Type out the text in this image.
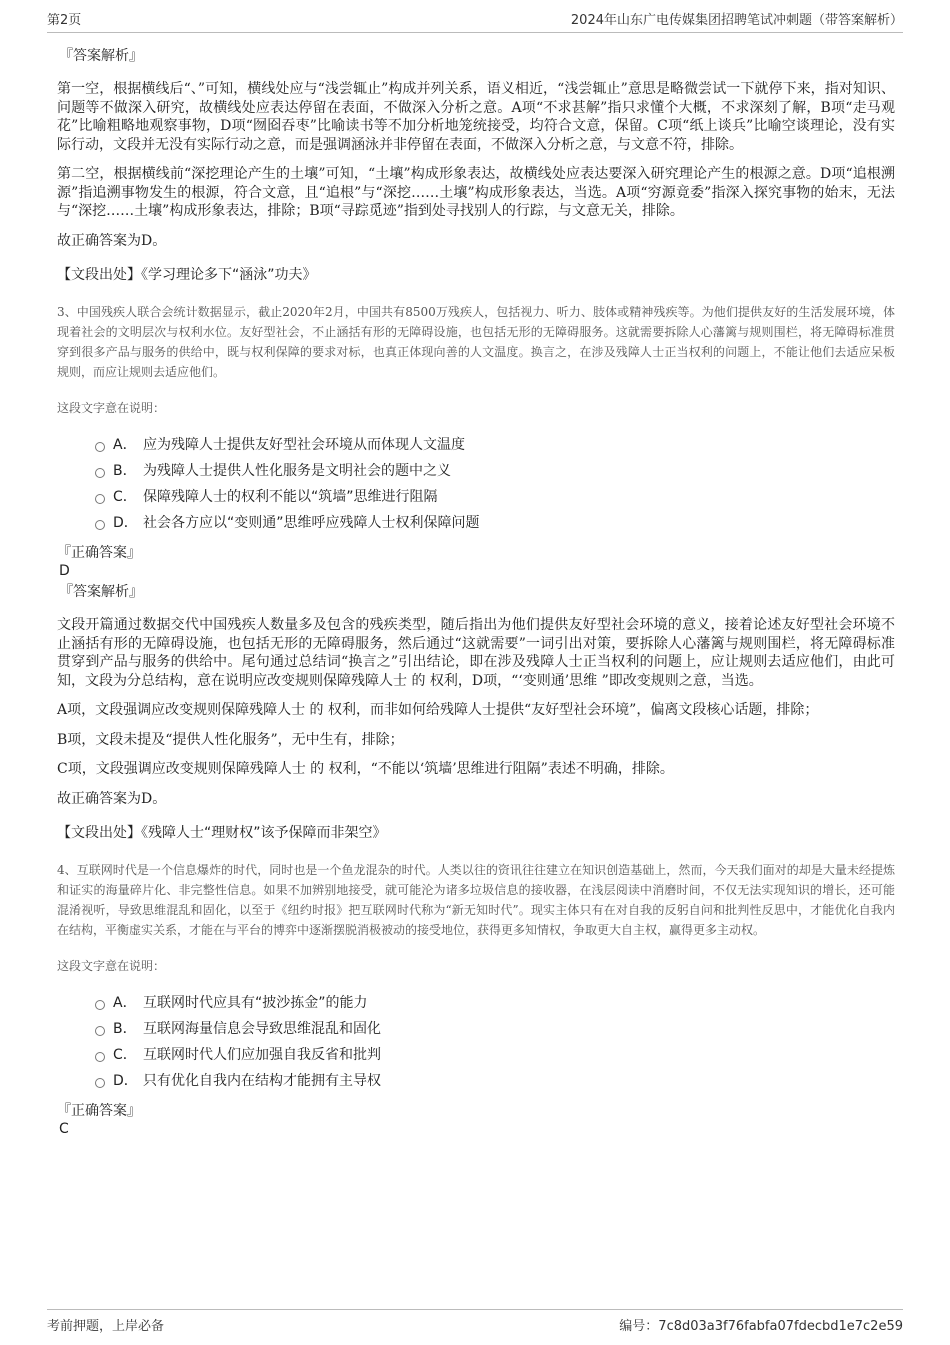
第2页	2024年山东广电传媒集团招聘笔试冲刺题（带答案解析）
『答案解析』

第一空，根据横线后“、”可知，横线处应与“浅尝辄止”构成并列关系，语义相近，“浅尝辄止”意思是略微尝试一下就停下来，指对知识、问题等不做深入研究，故横线处应表达停留在表面，不做深入分析之意。A项“不求甚解”指只求懂个大概，不求深刻了解，B项“走马观花”比喻粗略地观察事物，D项“囫囵吞枣”比喻读书等不加分析地笼统接受，均符合文意，保留。C项“纸上谈兵”比喻空谈理论，没有实际行动，文段并无没有实际行动之意，而是强调涵泳并非停留在表面，不做深入分析之意，与文意不符，排除。

第二空，根据横线前“深挖理论产生的土壤”可知，“土壤”构成形象表达，故横线处应表达要深入研究理论产生的根源之意。D项“追根溯源”指追溯事物发生的根源，符合文意，且“追根”与“深挖……土壤”构成形象表达，当选。A项“穷源竟委”指深入探究事物的始末，无法与“深挖……土壤”构成形象表达，排除；B项“寻踪觅迹”指到处寻找别人的行踪，与文意无关，排除。

故正确答案为D。

【文段出处】《学习理论多下“涵泳”功夫》
3、中国残疾人联合会统计数据显示，截止2020年2月，中国共有8500万残疾人，包括视力、听力、肢体或精神残疾等。为他们提供友好的生活发展环境，体现着社会的文明层次与权利水位。友好型社会，不止涵括有形的无障碍设施，也包括无形的无障碍服务。这就需要拆除人心藩篱与规则围栏，将无障碍标准贯穿到很多产品与服务的供给中，既与权利保障的要求对标，也真正体现向善的人文温度。换言之，在涉及残障人士正当权利的问题上，不能让他们去适应呆板规则，而应让规则去适应他们。
这段文字意在说明：
A． 应为残障人士提供友好型社会环境从而体现人文温度
B． 为残障人士提供人性化服务是文明社会的题中之义
C． 保障残障人士的权利不能以“筑墙”思维进行阻隔
D． 社会各方应以“变则通”思维呼应残障人士权利保障问题
『正确答案』
D
『答案解析』

文段开篇通过数据交代中国残疾人数量多及包含的残疾类型，随后指出为他们提供友好型社会环境的意义，接着论述友好型社会环境不止涵括有形的无障碍设施，也包括无形的无障碍服务，然后通过“这就需要”一词引出对策，要拆除人心藩篱与规则围栏，将无障碍标准贯穿到产品与服务的供给中。尾句通过总结词“换言之”引出结论，即在涉及残障人士正当权利的问题上，应让规则去适应他们，由此可知，文段为分总结构，意在说明应改变规则保障残障人士 的 权利，D项，“‘变则通’思维 ”即改变规则之意，当选。

A项，文段强调应改变规则保障残障人士 的 权利，而非如何给残障人士提供“友好型社会环境”，偏离文段核心话题，排除；

B项，文段未提及“提供人性化服务”，无中生有，排除；

C项，文段强调应改变规则保障残障人士 的 权利，“不能以‘筑墙’思维进行阻隔”表述不明确，排除。

故正确答案为D。

【文段出处】《残障人士“理财权”该予保障而非架空》
4、互联网时代是一个信息爆炸的时代，同时也是一个鱼龙混杂的时代。人类以往的资讯往往建立在知识创造基础上，然而，今天我们面对的却是大量未经提炼和证实的海量碎片化、非完整性信息。如果不加辨别地接受，就可能沦为诸多垃圾信息的接收器，在浅层阅读中消磨时间，不仅无法实现知识的增长，还可能混淆视听，导致思维混乱和固化，以至于《纽约时报》把互联网时代称为“新无知时代”。现实主体只有在对自我的反躬自问和批判性反思中，才能优化自我内在结构，平衡虚实关系，才能在与平台的博弈中逐渐摆脱消极被动的接受地位，获得更多知情权，争取更大自主权，赢得更多主动权。
这段文字意在说明：
A． 互联网时代应具有“披沙拣金”的能力
B． 互联网海量信息会导致思维混乱和固化
C． 互联网时代人们应加强自我反省和批判
D． 只有优化自我内在结构才能拥有主导权
『正确答案』
C
考前押题，上岸必备	编号：7c8d03a3f76fabfa07fdecbd1e7c2e59
